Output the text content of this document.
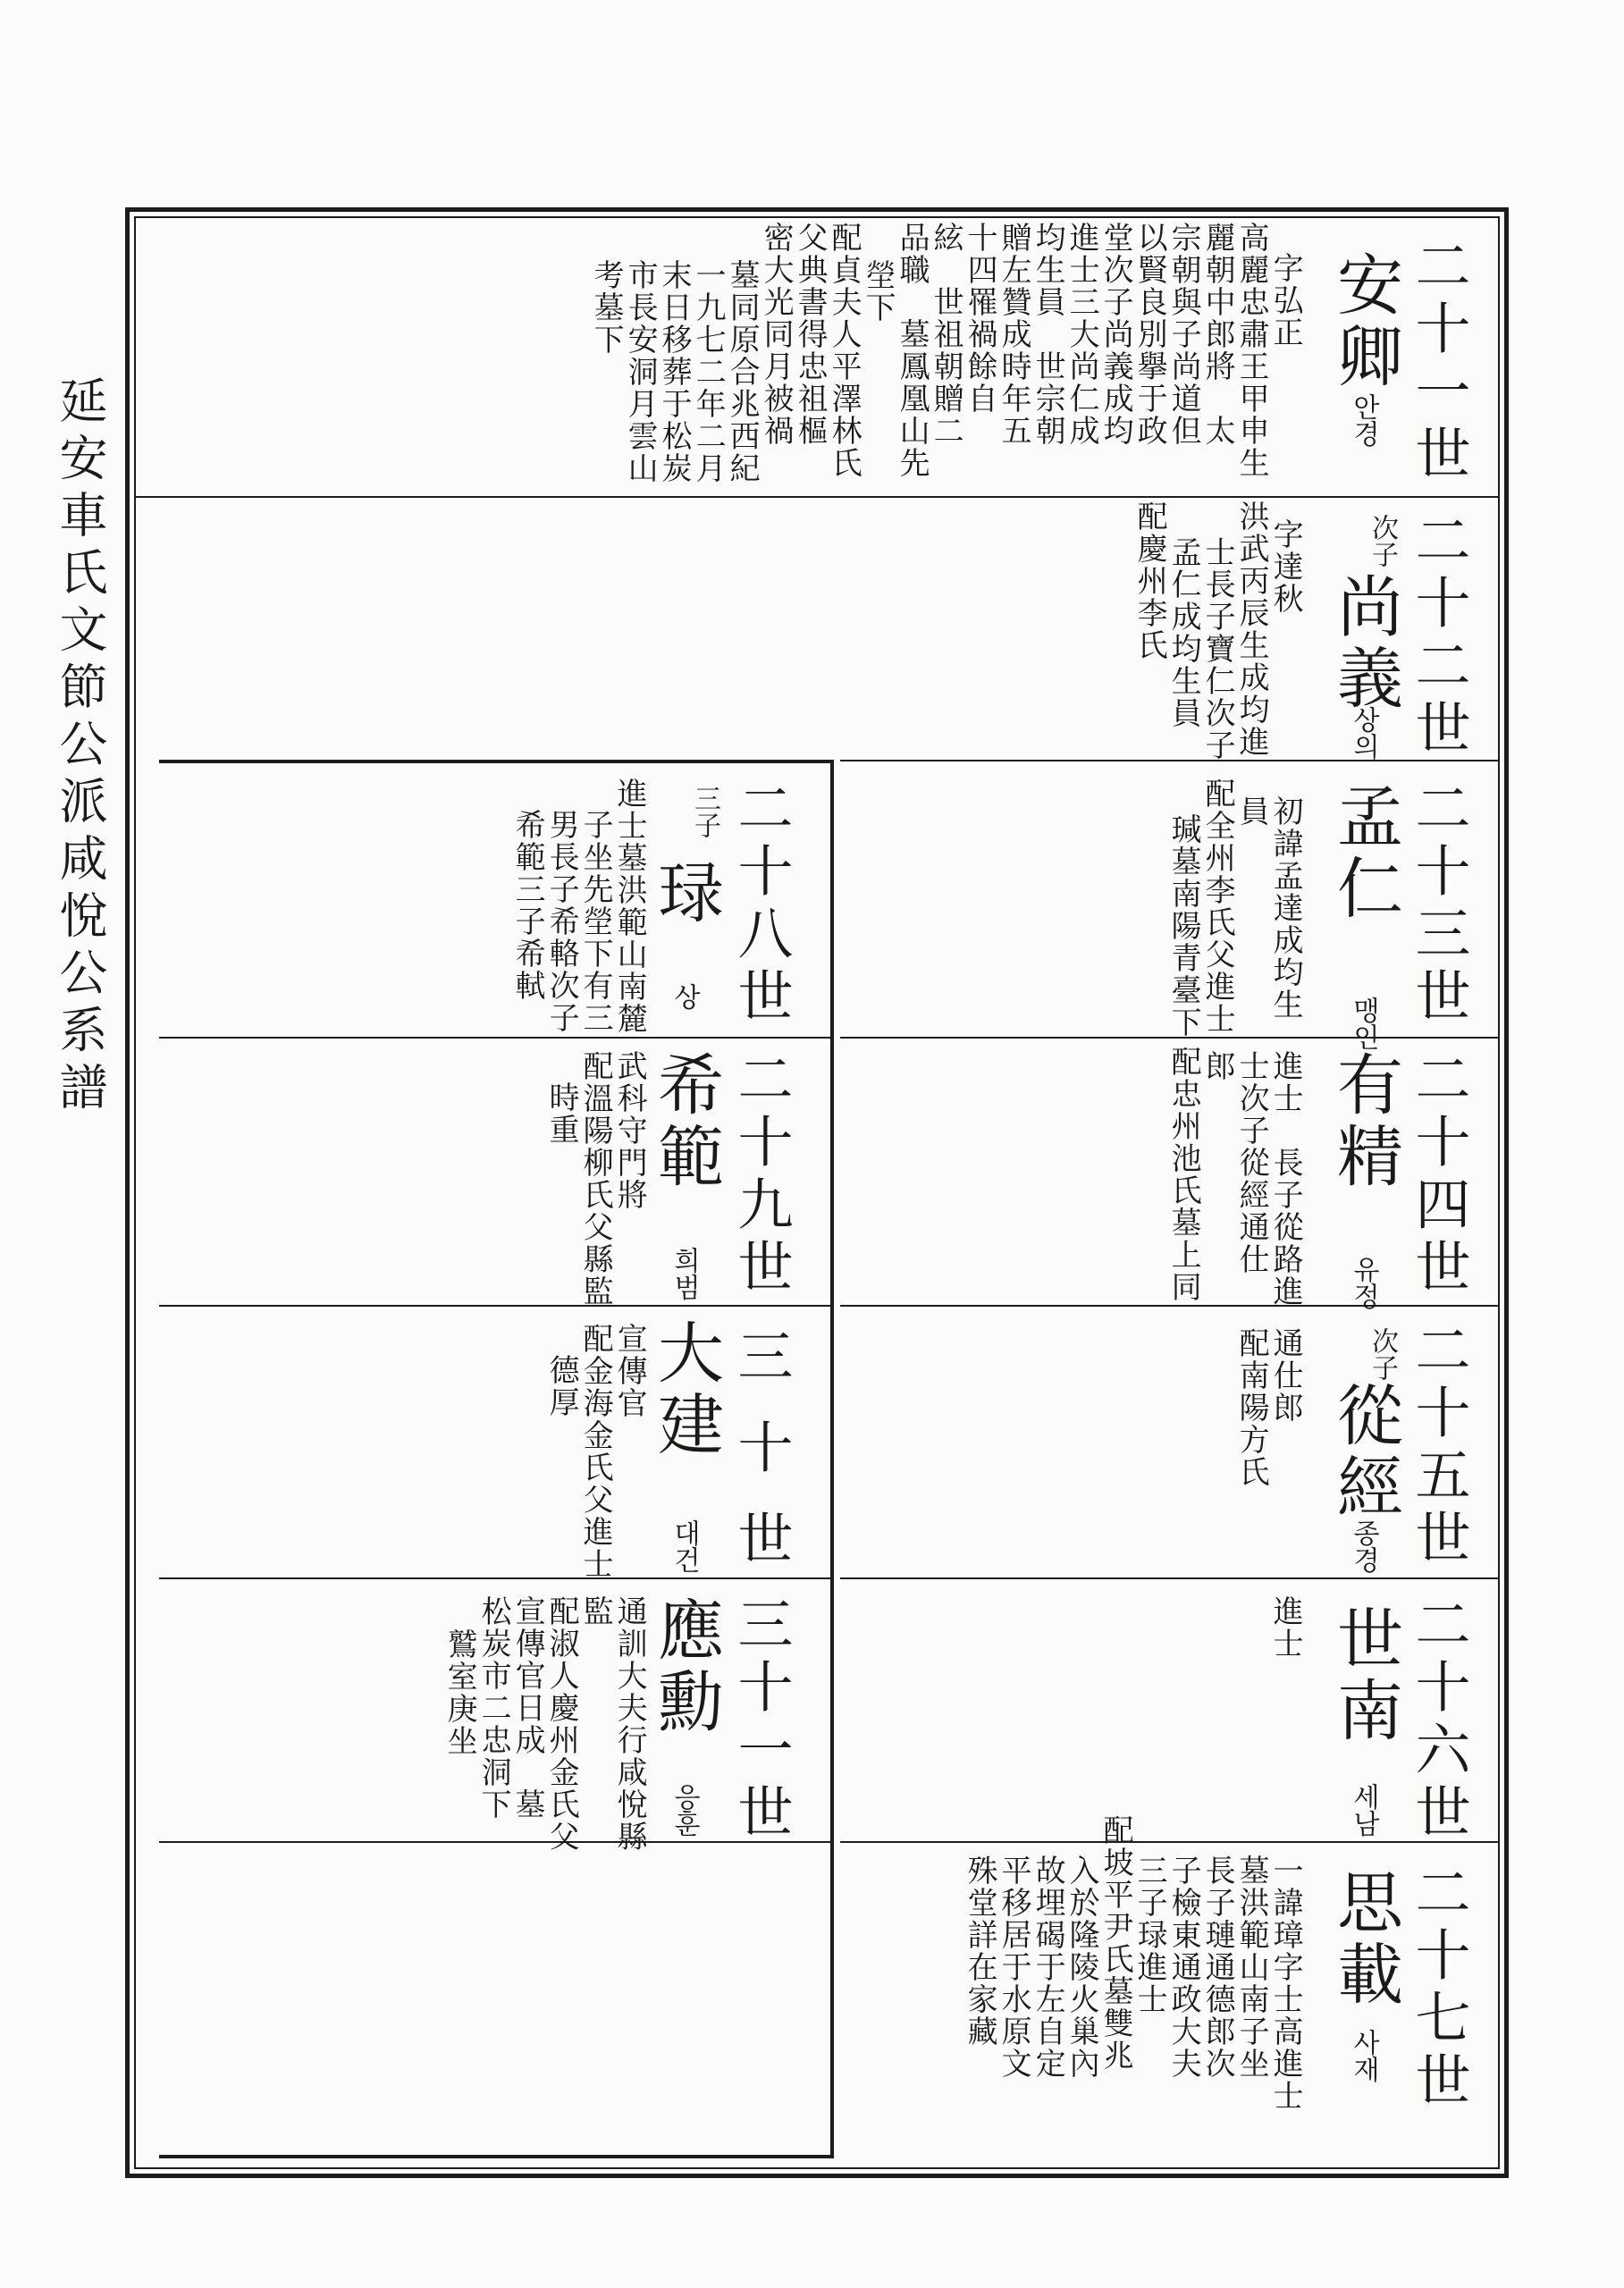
延安車氏文節公派咸悅公系譜
二十一世
安卿
안경
字弘正
高麗忠肅王甲申生
麗朝中郎將　太
宗朝與子尚道但
以賢良別擧于政
堂次子尚義成均
進士三大尚仁成
均生員　世宗朝
贈左贊成時年五
十四罹禍餘自
絃　世祖朝贈二
品職　墓鳳凰山先
塋下
配貞夫人平澤林氏
父典書得忠祖樞
密大光同月被禍
墓同原合兆西紀
一九七二年二月
末日移葬于松炭
市長安洞月雲山
考墓下
二十二世
次子
尚義
상의
字達秋
洪武丙辰生成均進
士長子寶仁次子
孟仁成均生員
配慶州李氏
二十三世
孟仁
맹인
初諱孟達成均生
員
配全州李氏父進士
瑊墓南陽青臺下
二十四世
有精
유정
進士　長子從路進
士次子從經通仕
郎
配忠州池氏墓上同
二十五世
次子
從經
종경
通仕郎
配南陽方氏
二十六世
世南
세남
進士
二十七世
思載
사재
一諱璋字士高進士
墓洪範山南子坐
長子璉通德郎次
子檢東通政大夫
三子琭進士
配坡平尹氏墓雙兆
入於隆陵火巢內
故埋碣于左自定
平移居于水原文
殊堂詳在家藏
二十八世
三子
琭
상
進士墓洪範山南麓
子坐先塋下有三
男長子希輅次子
希範三子希軾
二十九世
希範
희범
武科守門將
配溫陽柳氏父縣監
時重
三十世
大建
대건
宣傳官
配金海金氏父進士
德厚
三十一世
應勳
응훈
通訓大夫行咸悅縣
監
配淑人慶州金氏父
宣傳官日成　墓
松炭市二忠洞下
鷲室庚坐
